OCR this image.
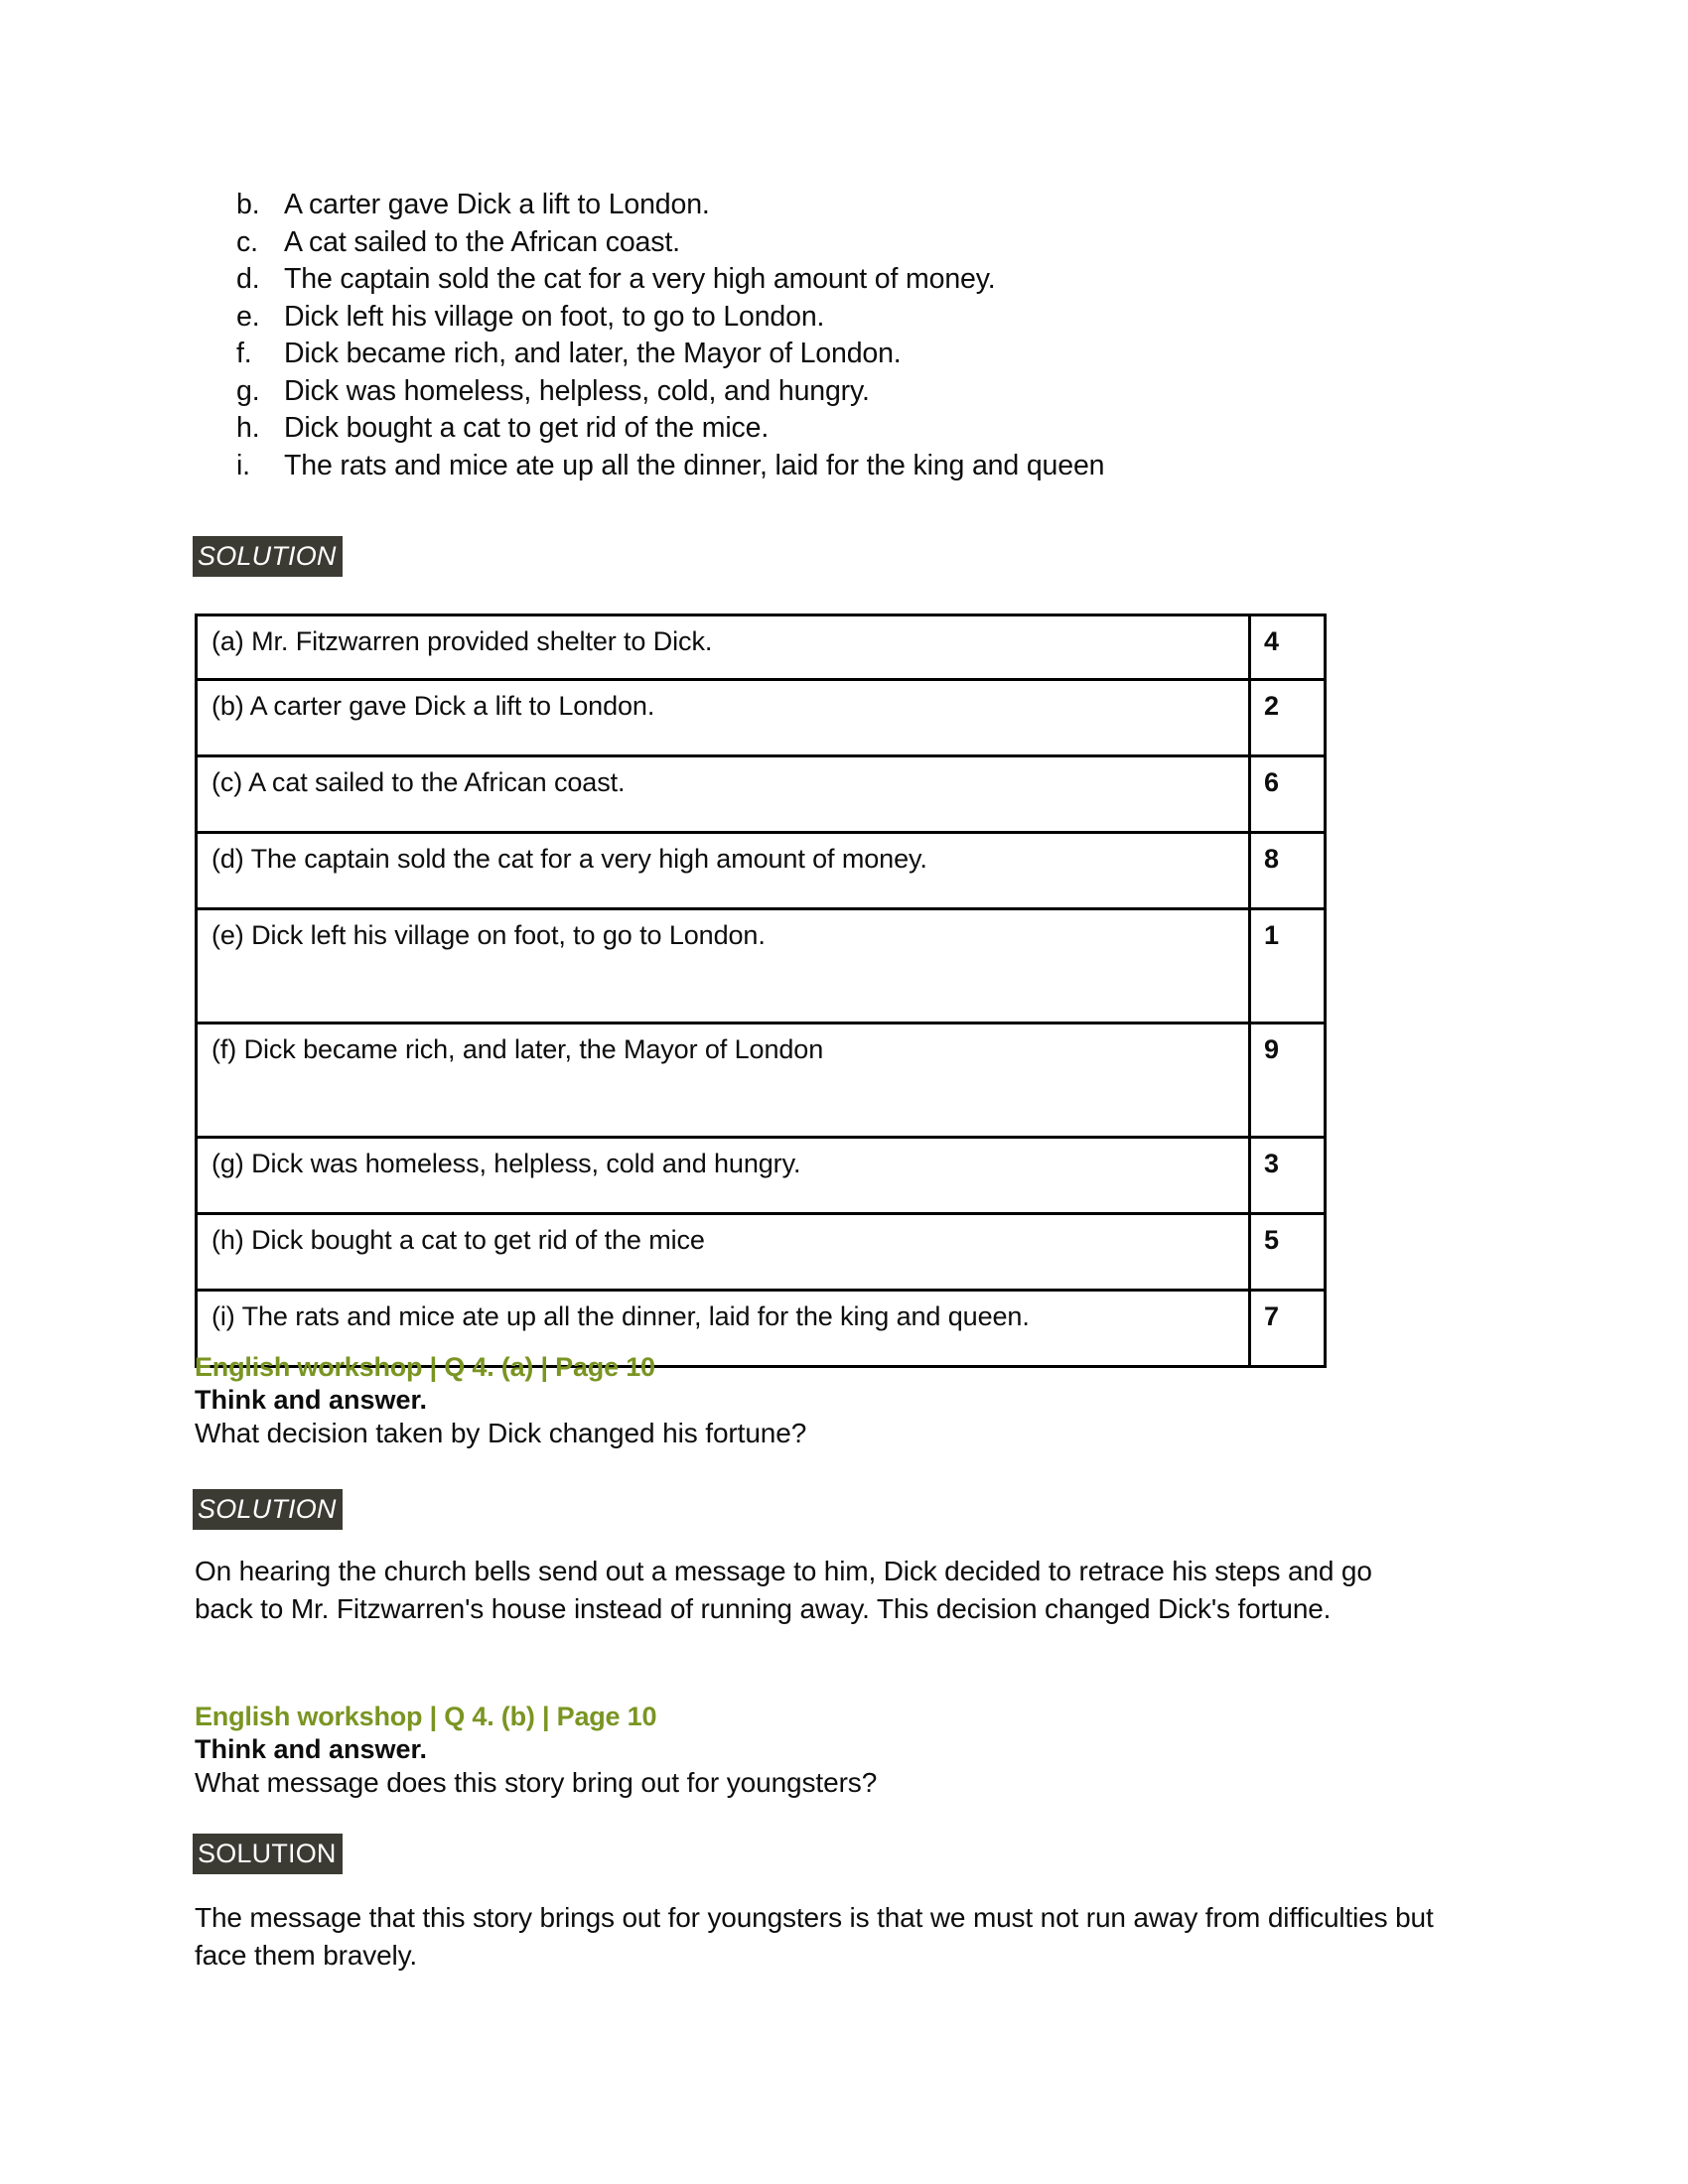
b. A carter gave Dick a lift to London.
c. A cat sailed to the African coast.
d. The captain sold the cat for a very high amount of money.
e. Dick left his village on foot, to go to London.
f.	Dick became rich, and later, the Mayor of London.
g. Dick was homeless, helpless, cold, and hungry.
h. Dick bought a cat to get rid of the mice.
i.	The rats and mice ate up all the dinner, laid for the king and queen
SOLUTION
(a) Mr. Fitzwarren provided shelter to Dick.	4
(b) A carter gave Dick a lift to London.	2
(c) A cat sailed to the African coast.	6
(d) The captain sold the cat for a very high amount of money.	8
(e) Dick left his village on foot, to go to London.	1
(f) Dick became rich, and later, the Mayor of London	9
(g) Dick was homeless, helpless, cold and hungry.	3
(h) Dick bought a cat to get rid of the mice	5
(i) The rats and mice ate up all the dinner, laid for the king and queen.	7
English workshop | Q 4. (a) | Page 10
Think and answer.
What decision taken by Dick changed his fortune?
SOLUTION
On hearing the church bells send out a message to him, Dick decided to retrace his steps and go back to Mr. Fitzwarren's house instead of running away. This decision changed Dick's fortune.
English workshop | Q 4. (b) | Page 10
Think and answer.
What message does this story bring out for youngsters?
SOLUTION
The message that this story brings out for youngsters is that we must not run away from difficulties but face them bravely.
